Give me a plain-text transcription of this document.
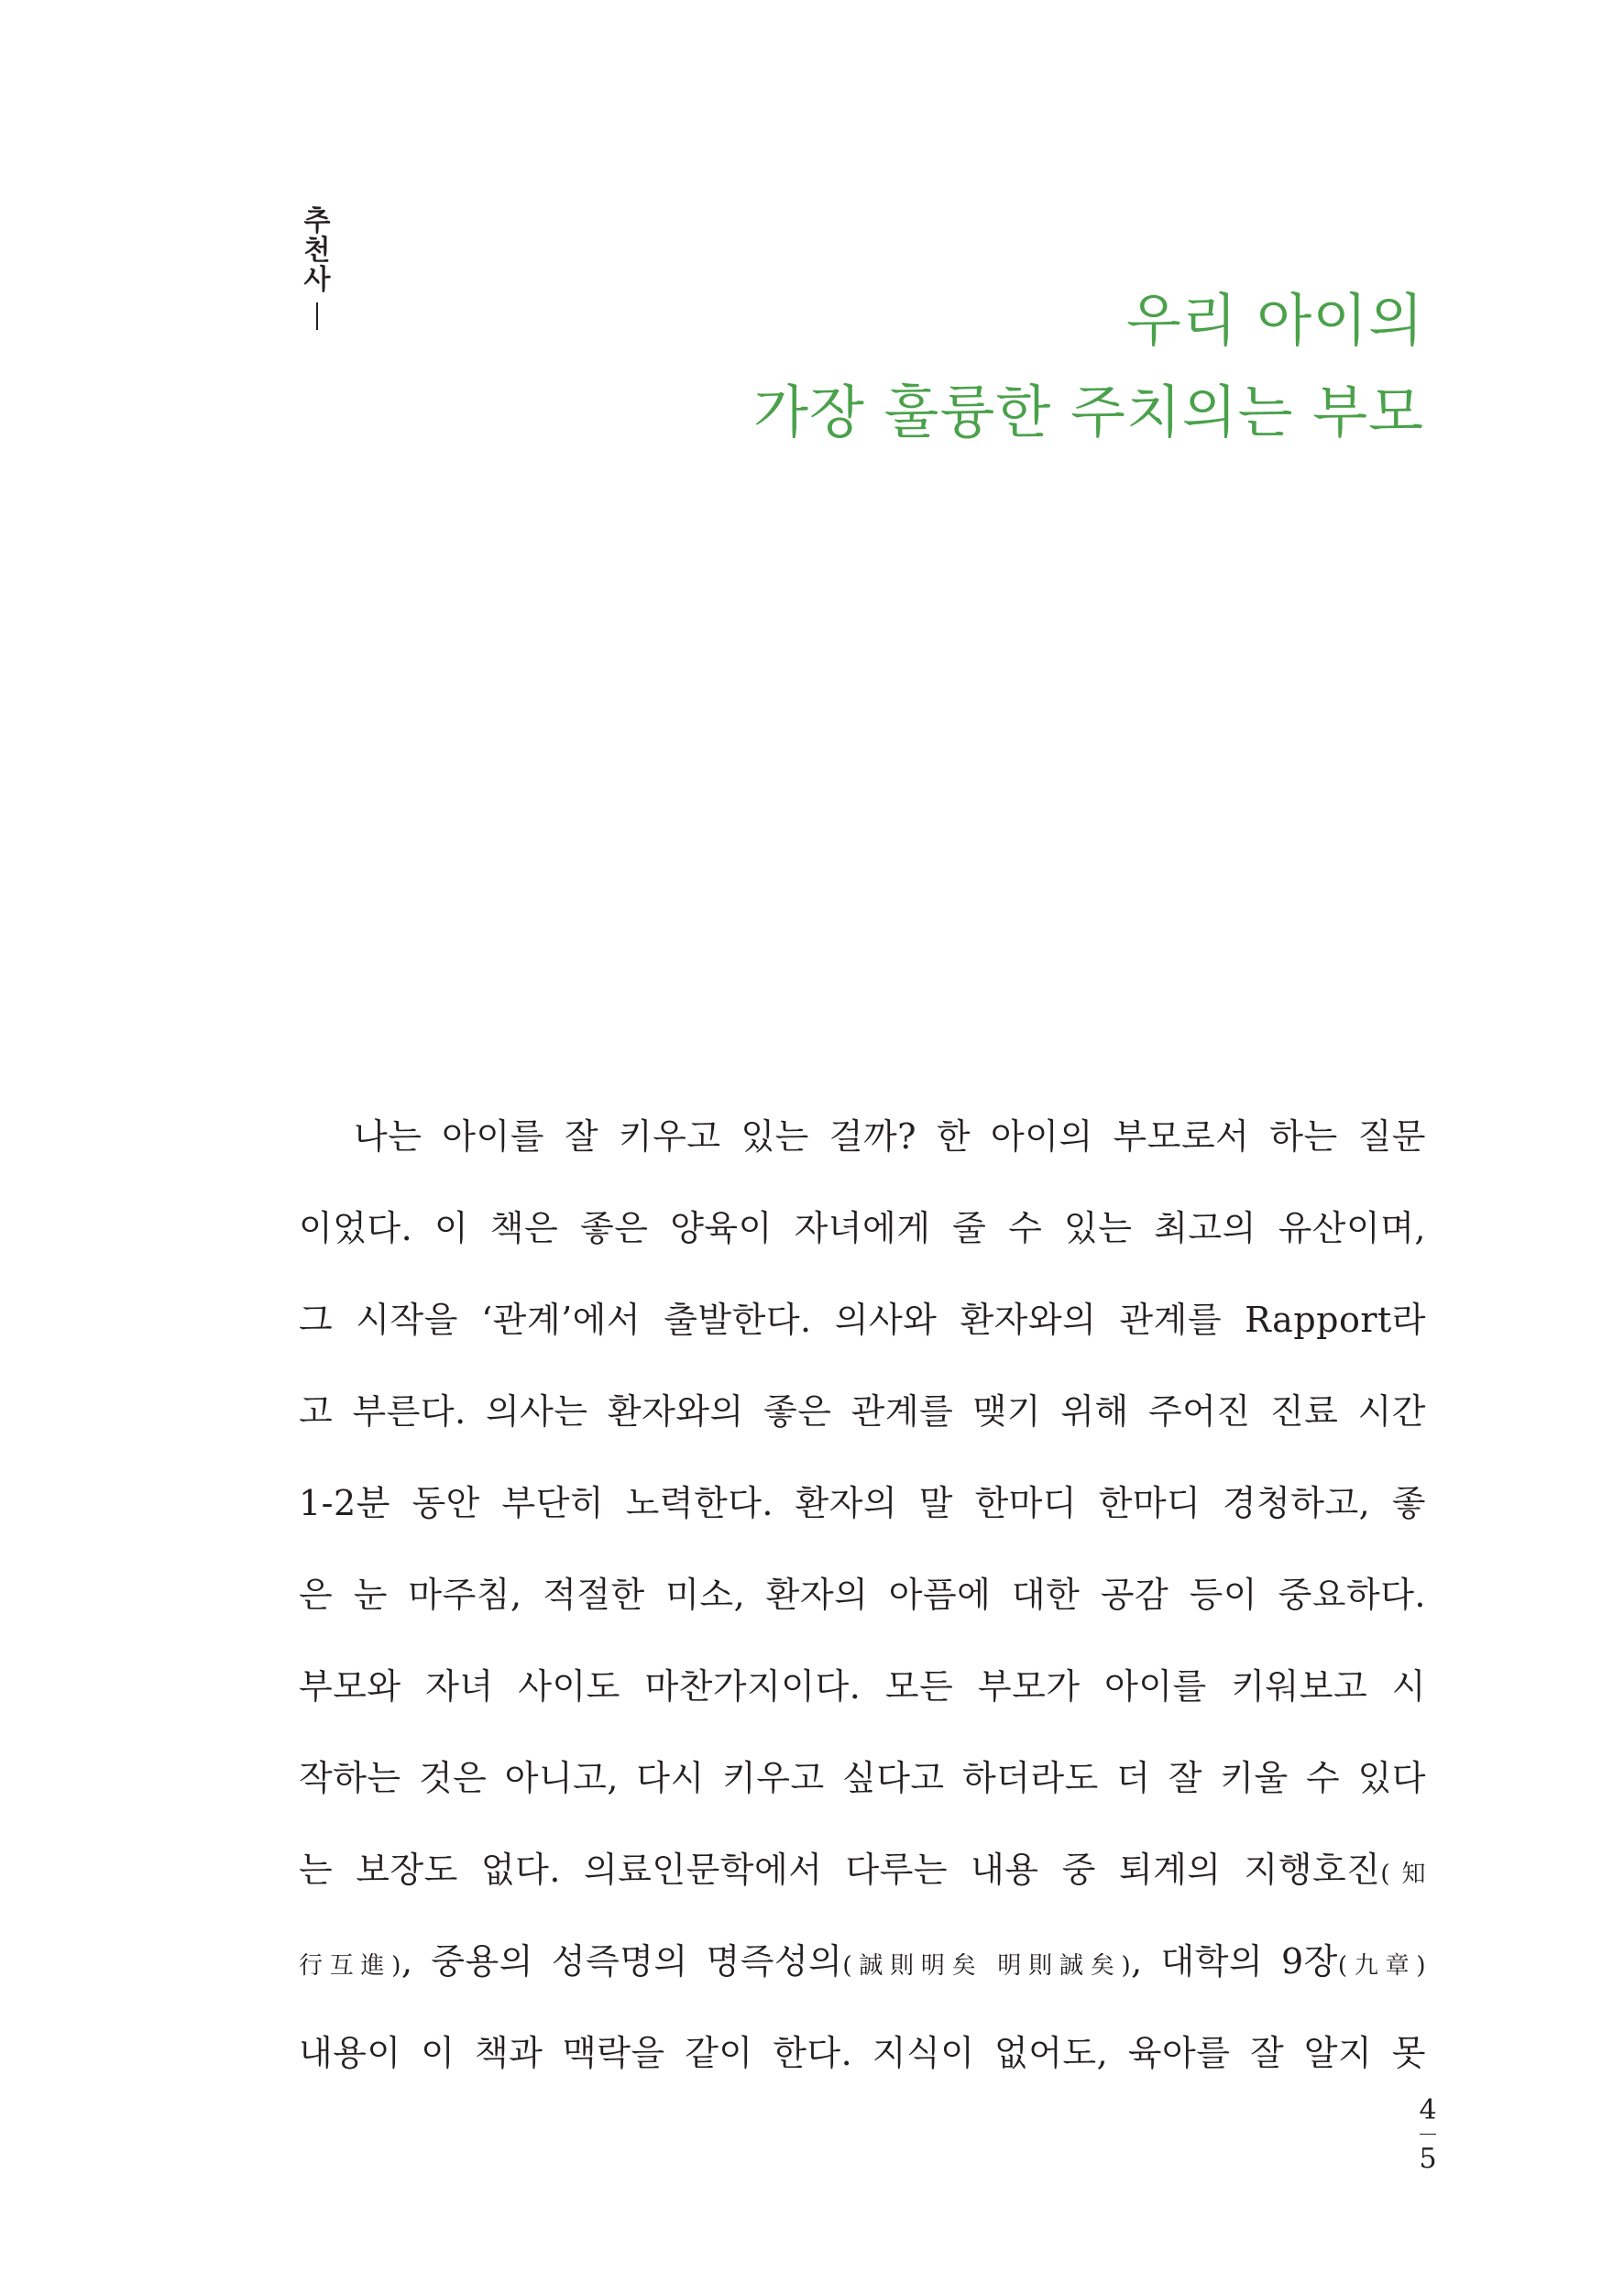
추
천
사
우리 아이의
가장 훌륭한 주치의는 부모
나는 아이를 잘 키우고 있는 걸까? 한 아이의 부모로서 하는 질문
이었다. 이 책은 좋은 양육이 자녀에게 줄 수 있는 최고의 유산이며,
그 시작을 ‘관계’에서 출발한다. 의사와 환자와의 관계를 Rapport라
고 부른다. 의사는 환자와의 좋은 관계를 맺기 위해 주어진 진료 시간
1-2분 동안 부단히 노력한다. 환자의 말 한마디 한마디 경청하고, 좋
은 눈 마주침, 적절한 미소, 환자의 아픔에 대한 공감 등이 중요하다.
부모와 자녀 사이도 마찬가지이다. 모든 부모가 아이를 키워보고 시
작하는 것은 아니고, 다시 키우고 싶다고 하더라도 더 잘 키울 수 있다
는 보장도 없다. 의료인문학에서 다루는 내용 중 퇴계의 지행호진(知
行互進), 중용의 성즉명의 명즉성의(誠則明矣 明則誠矣), 대학의 9장(九章)
내용이 이 책과 맥락을 같이 한다. 지식이 없어도, 육아를 잘 알지 못
4
5
